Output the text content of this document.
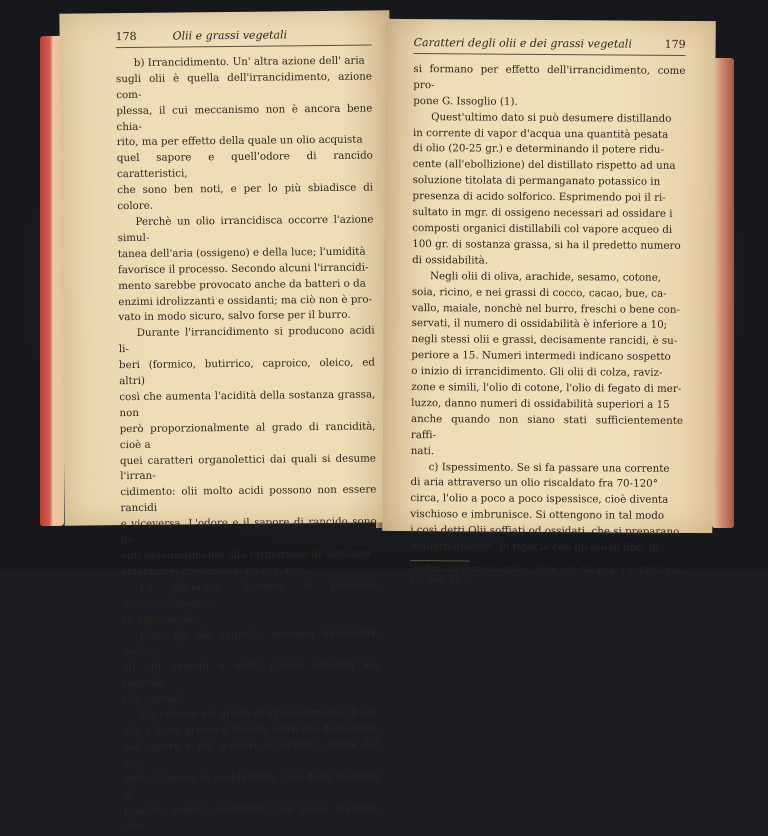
178	Olii e grassi vegetali
b) Irrancidimento. Un' altra azione dell' aria
sugli olii è quella dell'irrancidimento, azione com-
plessa, il cui meccanismo non è ancora bene chia-
rito, ma per effetto della quale un olio acquista
quel sapore e quell'odore di rancido caratteristici,
che sono ben noti, e per lo più sbiadisce di colore.
Perchè un olio irrancidisca occorre l'azione simul-
tanea dell'aria (ossigeno) e della luce; l'umidità
favorisce il processo. Secondo alcuni l'irrancidi-
mento sarebbe provocato anche da batteri o da
enzimi idrolizzanti e ossidanti; ma ciò non è pro-
vato in modo sicuro, salvo forse per il burro.
Durante l'irrancidimento si producono acidi li-
beri (formico, butirrico, caproico, oleico, ed altri)
così che aumenta l'acidità della sostanza grassa, non
però proporzionalmente al grado di rancidità, cioè a
quei caratteri organolettici dai quali si desume l'irran-
cidimento: olii molto acidi possono non essere rancidi
e viceversa. L'odore e il sapore di rancido sono do-
vuti essenzialmente alla formazione di sostanze
aldeidiche, chetoniche, eteree, ecc.
La glicerina, durante il processo d'irrancidimento,
va diminuendo.
Oltre gli olii vegetali, possono irrancidire anche
gli olii animali e molti grassi concreti sia vegetali
che animali.
Un criterio sul grado di irrancidimento di un
olio o di un grasso è fornito, oltre che dall'odore,
dal sapore e dal numero di acidità, anche dal così
detto Numero di ossidabilità, cioè dalla quantità di
prodotti volatili, distillabili con vapor d'acqua, che
Caratteri degli olii e dei grassi vegetali	179
si formano per effetto dell'irrancidimento, come pro-
pone G. Issoglio (1).
Quest'ultimo dato si può desumere distillando
in corrente di vapor d'acqua una quantità pesata
di olio (20-25 gr.) e determinando il potere ridu-
cente (all'ebollizione) del distillato rispetto ad una
soluzione titolata di permanganato potassico in
presenza di acido solforico. Esprimendo poi il ri-
sultato in mgr. di ossigeno necessari ad ossidare i
composti organici distillabili col vapore acqueo di
100 gr. di sostanza grassa, si ha il predetto numero
di ossidabilità.
Negli olii di oliva, arachide, sesamo, cotone,
soia, ricino, e nei grassi di cocco, cacao, bue, ca-
vallo, maiale, nonchè nel burro, freschi o bene con-
servati, il numero di ossidabilità è inferiore a 10;
negli stessi olii e grassi, decisamente rancidi, è su-
periore a 15. Numeri intermedi indicano sospetto
o inizio di irrancidimento. Gli olii di colza, raviz-
zone e simili, l'olio di cotone, l'olio di fegato di mer-
luzzo, danno numeri di ossidabilità superiori a 15
anche quando non siano stati sufficientemente raffi-
nati.
c) Ispessimento. Se si fa passare una corrente
di aria attraverso un olio riscaldato fra 70-120°
circa, l'olio a poco a poco ispessisce, cioè diventa
vischioso e imbrunisce. Si ottengono in tal modo
i così detti Olii soffiati od ossidati, che si preparano
industrialmente, in ispecie con gli olii di lino, di
(1) Ann. di chimica applic., 1916, vol. VI, pag. 1 e 1917, vol. VII, pag. 187.
